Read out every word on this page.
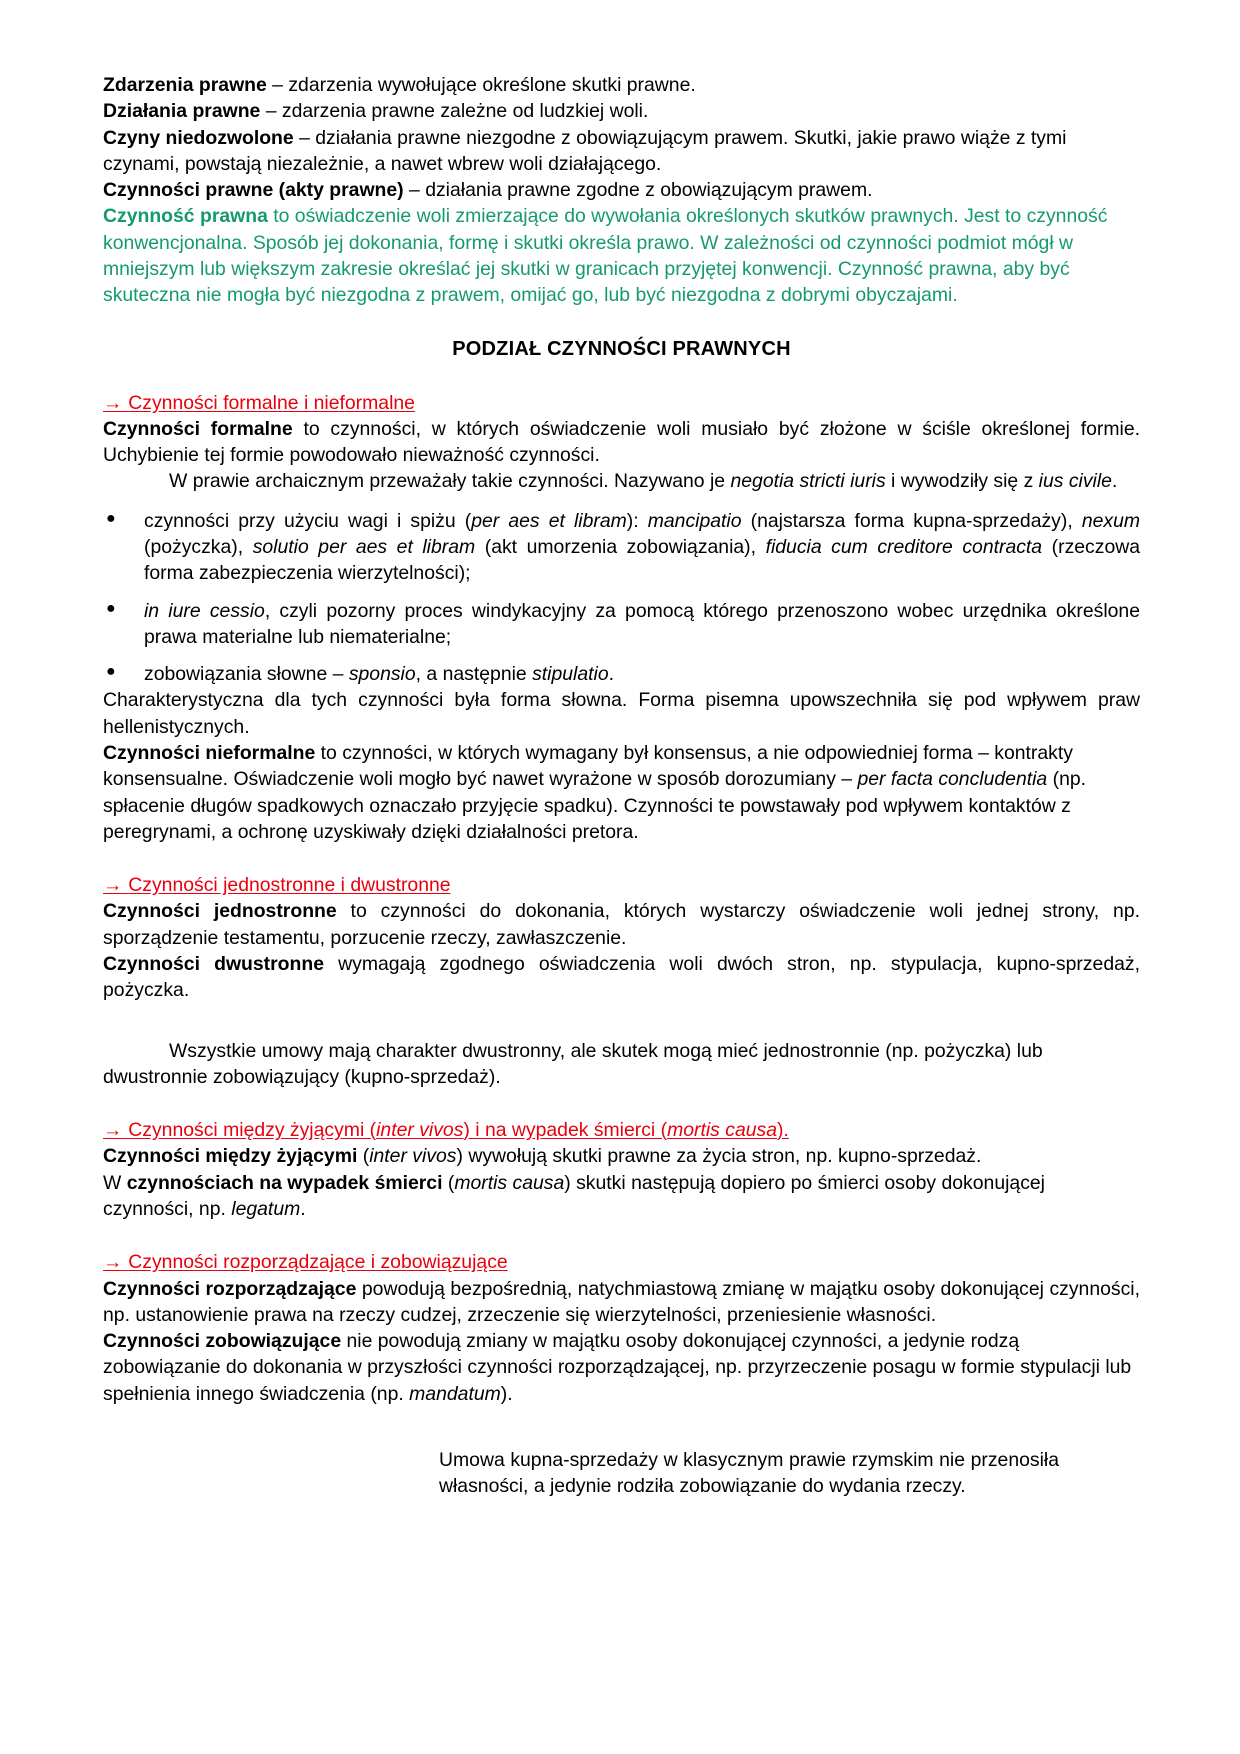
Zdarzenia prawne – zdarzenia wywołujące określone skutki prawne.

Działania prawne – zdarzenia prawne zależne od ludzkiej woli.

Czyny niedozwolone – działania prawne niezgodne z obowiązującym prawem. Skutki, jakie prawo wiąże z tymi czynami, powstają niezależnie, a nawet wbrew woli działającego.

Czynności prawne (akty prawne) – działania prawne zgodne z obowiązującym prawem.

Czynność prawna to oświadczenie woli zmierzające do wywołania określonych skutków prawnych. Jest to czynność konwencjonalna. Sposób jej dokonania, formę i skutki określa prawo. W zależności od czynności podmiot mógł w mniejszym lub większym zakresie określać jej skutki w granicach przyjętej konwencji. Czynność prawna, aby być skuteczna nie mogła być niezgodna z prawem, omijać go, lub być niezgodna z dobrymi obyczajami.

PODZIAŁ CZYNNOŚCI PRAWNYCH

→ Czynności formalne i nieformalne

Czynności formalne to czynności, w których oświadczenie woli musiało być złożone w ściśle określonej formie. Uchybienie tej formie powodowało nieważność czynności.

W prawie archaicznym przeważały takie czynności. Nazywano je negotia stricti iuris i wywodziły się z ius civile.

● czynności przy użyciu wagi i spiżu (per aes et libram): mancipatio (najstarsza forma kupna-sprzedaży), nexum (pożyczka), solutio per aes et libram (akt umorzenia zobowiązania), fiducia cum creditore contracta (rzeczowa forma zabezpieczenia wierzytelności);

● in iure cessio, czyli pozorny proces windykacyjny za pomocą którego przenoszono wobec urzędnika określone prawa materialne lub niematerialne;

● zobowiązania słowne – sponsio, a następnie stipulatio.

Charakterystyczna dla tych czynności była forma słowna. Forma pisemna upowszechniła się pod wpływem praw hellenistycznych.

Czynności nieformalne to czynności, w których wymagany był konsensus, a nie odpowiedniej forma – kontrakty konsensualne. Oświadczenie woli mogło być nawet wyrażone w sposób dorozumiany – per facta concludentia (np. spłacenie długów spadkowych oznaczało przyjęcie spadku). Czynności te powstawały pod wpływem kontaktów z peregrynami, a ochronę uzyskiwały dzięki działalności pretora.

→ Czynności jednostronne i dwustronne

Czynności jednostronne to czynności do dokonania, których wystarczy oświadczenie woli jednej strony, np. sporządzenie testamentu, porzucenie rzeczy, zawłaszczenie.

Czynności dwustronne wymagają zgodnego oświadczenia woli dwóch stron, np. stypulacja, kupno-sprzedaż, pożyczka.

Wszystkie umowy mają charakter dwustronny, ale skutek mogą mieć jednostronnie (np. pożyczka) lub dwustronnie zobowiązujący (kupno-sprzedaż).

→ Czynności między żyjącymi (inter vivos) i na wypadek śmierci (mortis causa).

Czynności między żyjącymi (inter vivos) wywołują skutki prawne za życia stron, np. kupno-sprzedaż.

W czynnościach na wypadek śmierci (mortis causa) skutki następują dopiero po śmierci osoby dokonującej czynności, np. legatum.

→ Czynności rozporządzające i zobowiązujące

Czynności rozporządzające powodują bezpośrednią, natychmiastową zmianę w majątku osoby dokonującej czynności, np. ustanowienie prawa na rzeczy cudzej, zrzeczenie się wierzytelności, przeniesienie własności.

Czynności zobowiązujące nie powodują zmiany w majątku osoby dokonującej czynności, a jedynie rodzą zobowiązanie do dokonania w przyszłości czynności rozporządzającej, np. przyrzeczenie posagu w formie stypulacji lub spełnienia innego świadczenia (np. mandatum).

Umowa kupna-sprzedaży w klasycznym prawie rzymskim nie przenosiła własności, a jedynie rodziła zobowiązanie do wydania rzeczy.
